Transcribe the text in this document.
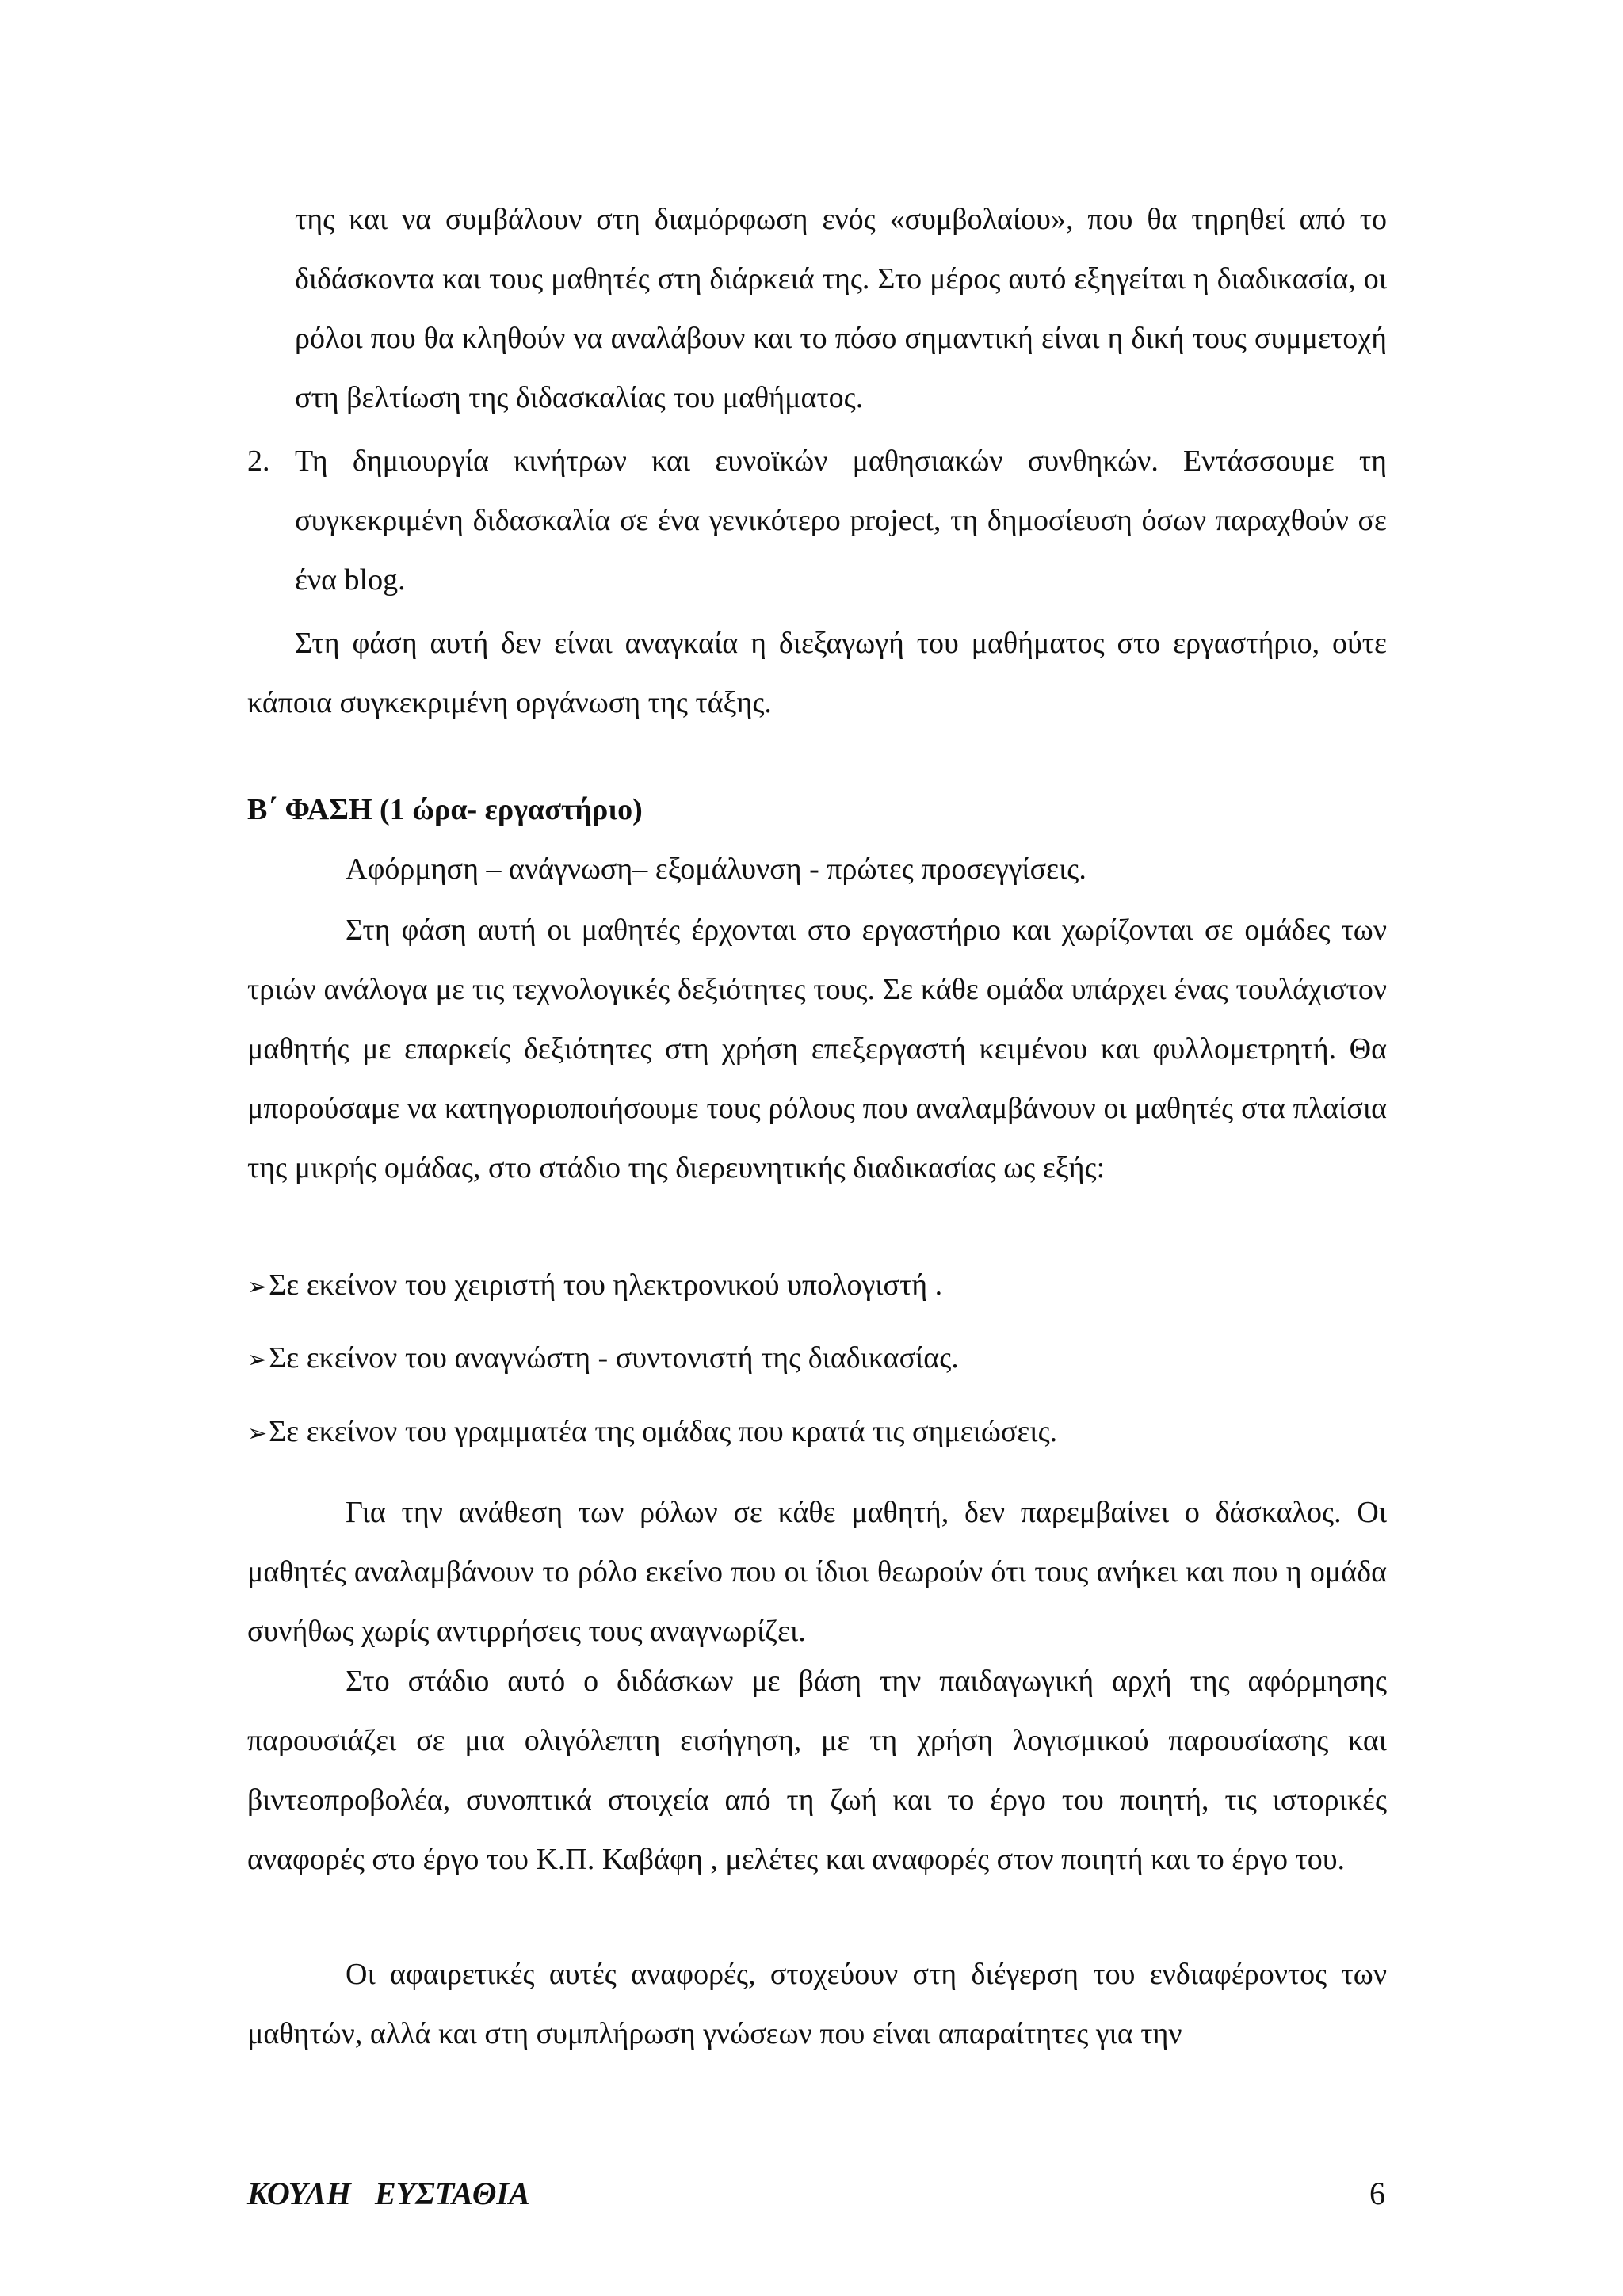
της και να συμβάλουν στη διαμόρφωση ενός «συμβολαίου», που θα τηρηθεί από το διδάσκοντα και τους μαθητές στη διάρκειά της. Στο μέρος αυτό εξηγείται η διαδικασία, οι ρόλοι που θα κληθούν να αναλάβουν και το πόσο σημαντική είναι η δική τους συμμετοχή στη βελτίωση της διδασκαλίας του μαθήματος.

2. Τη δημιουργία κινήτρων και ευνοϊκών μαθησιακών συνθηκών. Εντάσσουμε τη συγκεκριμένη διδασκαλία σε ένα γενικότερο project, τη δημοσίευση όσων παραχθούν σε ένα blog.

Στη φάση αυτή δεν είναι αναγκαία η διεξαγωγή του μαθήματος στο εργαστήριο, ούτε κάποια συγκεκριμένη οργάνωση της τάξης.

Β΄ ΦΑΣΗ (1 ώρα- εργαστήριο)
Αφόρμηση – ανάγνωση– εξομάλυνση - πρώτες προσεγγίσεις.

Στη φάση αυτή οι μαθητές έρχονται στο εργαστήριο και χωρίζονται σε ομάδες των τριών ανάλογα με τις τεχνολογικές δεξιότητες τους. Σε κάθε ομάδα υπάρχει ένας τουλάχιστον μαθητής με επαρκείς δεξιότητες στη χρήση επεξεργαστή κειμένου και φυλλομετρητή. Θα μπορούσαμε να κατηγοριοποιήσουμε τους ρόλους που αναλαμβάνουν οι μαθητές στα πλαίσια της μικρής ομάδας, στο στάδιο της διερευνητικής διαδικασίας ως εξής:

➢Σε εκείνον του χειριστή του ηλεκτρονικού υπολογιστή .
➢Σε εκείνον του αναγνώστη - συντονιστή της διαδικασίας.
➢Σε εκείνον του γραμματέα της ομάδας που κρατά τις σημειώσεις.

Για την ανάθεση των ρόλων σε κάθε μαθητή, δεν παρεμβαίνει ο δάσκαλος. Οι μαθητές αναλαμβάνουν το ρόλο εκείνο που οι ίδιοι θεωρούν ότι τους ανήκει και που η ομάδα συνήθως χωρίς αντιρρήσεις τους αναγνωρίζει.

Στο στάδιο αυτό ο διδάσκων με βάση την παιδαγωγική αρχή της αφόρμησης παρουσιάζει σε μια ολιγόλεπτη εισήγηση, με τη χρήση λογισμικού παρουσίασης και βιντεοπροβολέα, συνοπτικά στοιχεία από τη ζωή και το έργο του ποιητή, τις ιστορικές αναφορές στο έργο του Κ.Π. Καβάφη , μελέτες και αναφορές στον ποιητή και το έργο του.

Οι αφαιρετικές αυτές αναφορές, στοχεύουν στη διέγερση του ενδιαφέροντος των μαθητών, αλλά και στη συμπλήρωση γνώσεων που είναι απαραίτητες για την

ΚΟΥΛΗ   ΕΥΣΤΑΘΙΑ	6
